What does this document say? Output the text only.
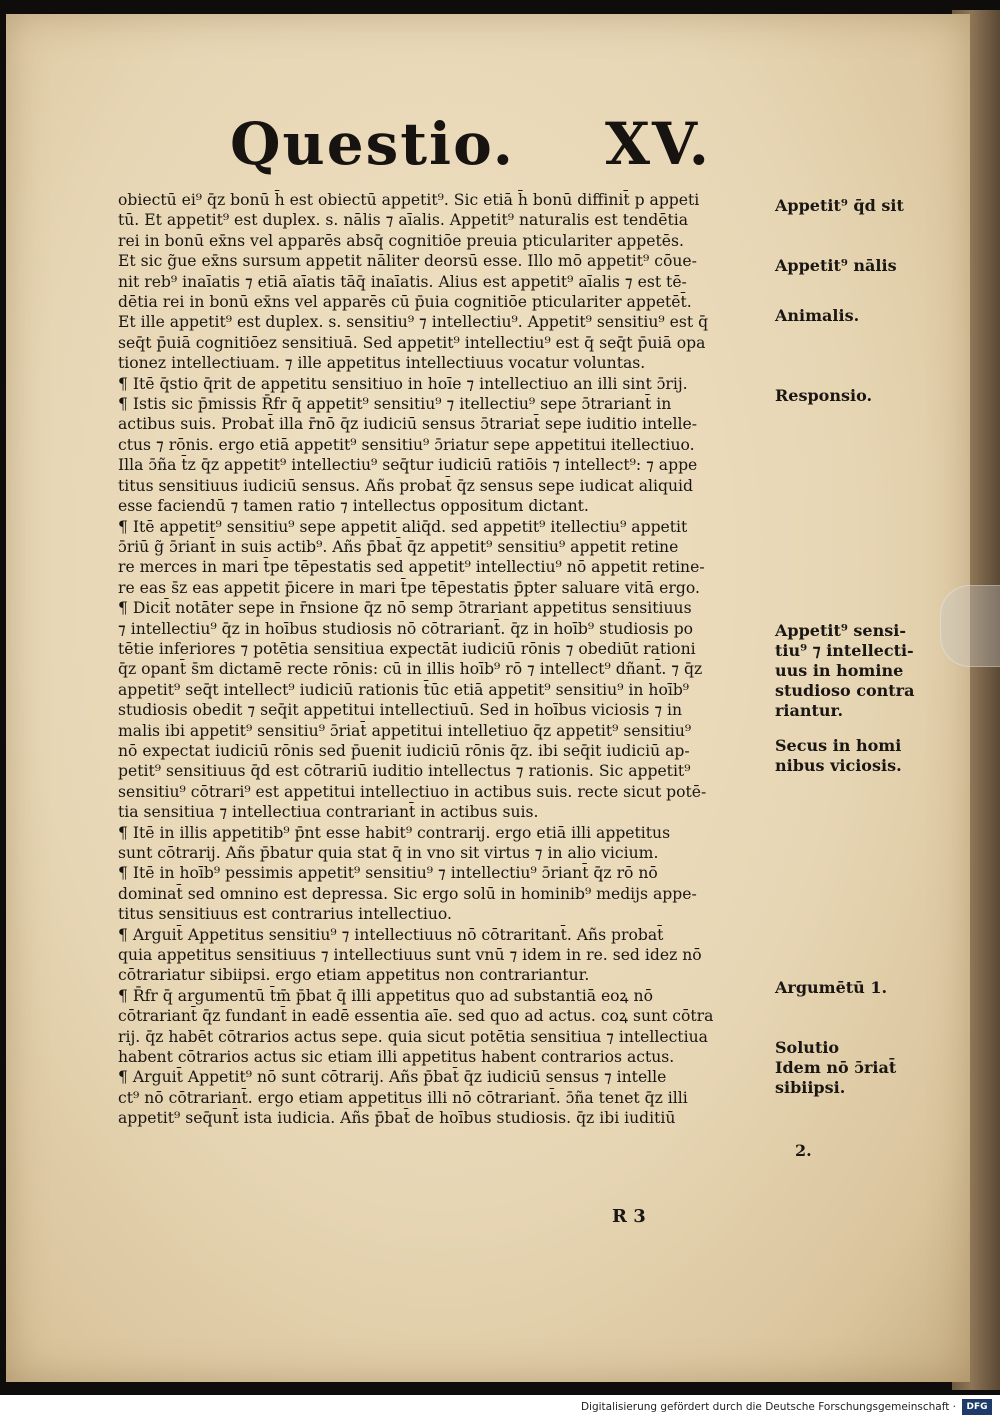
Questio. XV.
obiectū ei⁹ q̄z bonū h̄ est obiectū appetit⁹. Sic etiā h̄ bonū diffinit̄ p appeti
tū. Et appetit⁹ est duplex. s. nālis ⁊ aīalis. Appetit⁹ naturalis est tendētia
rei in bonū ex̄ns vel apparēs absq̄ cognitiōe preuia pticulariter appetēs.
Et sic g̃ue ex̄ns sursum appetit nāliter deorsū esse. Illo mō appetit⁹ cōue-
nit reb⁹ inaīatis ⁊ etiā aīatis tāq̄ inaīatis. Alius est appetit⁹ aīalis ⁊ est tē-
dētia rei in bonū ex̄ns vel apparēs cū p̄uia cognitiōe pticulariter appetēt̄.
Et ille appetit⁹ est duplex. s. sensitiu⁹ ⁊ intellectiu⁹. Appetit⁹ sensitiu⁹ est q̄
seq̄t p̄uiā cognitiōez sensitiuā. Sed appetit⁹ intellectiu⁹ est q̄ seq̄t p̄uiā opa
tionez intellectiuam. ⁊ ille appetitus intellectiuus vocatur voluntas.
¶ Itē q̄stio q̄rit de appetitu sensitiuo in hoīe ⁊ intellectiuo an illi sint ɔ̄rij.
¶ Istis sic p̄missis R̄fr q̄ appetit⁹ sensitiu⁹ ⁊ itellectiu⁹ sepe ɔ̄trariant̄ in
actibus suis. Probat̄ illa r̄nō q̄z iudiciū sensus ɔ̄trariat̄ sepe iuditio intelle-
ctus ⁊ rōnis. ergo etiā appetit⁹ sensitiu⁹ ɔ̄riatur sepe appetitui itellectiuo.
Illa ɔ̄ña t̄z q̄z appetit⁹ intellectiu⁹ seq̄tur iudiciū ratiōis ⁊ intellect⁹: ⁊ appe
titus sensitiuus iudiciū sensus. Añs probat̄ q̄z sensus sepe iudicat aliquid
esse faciendū ⁊ tamen ratio ⁊ intellectus oppositum dictant.
¶ Itē appetit⁹ sensitiu⁹ sepe appetit aliq̄d. sed appetit⁹ itellectiu⁹ appetit
ɔ̄riū g̃ ɔ̄riant̄ in suis actib⁹. Añs p̄bat̄ q̄z appetit⁹ sensitiu⁹ appetit retine
re merces in mari t̄pe tēpestatis sed appetit⁹ intellectiu⁹ nō appetit retine-
re eas s̄z eas appetit p̄icere in mari t̄pe tēpestatis p̄pter saluare vitā ergo.
¶ Dicit̄ notāter sepe in r̄nsione q̄z nō semp ɔ̄trariant appetitus sensitiuus
⁊ intellectiu⁹ q̄z in hoībus studiosis nō cōtrariant̄. q̄z in hoīb⁹ studiosis po
tētie inferiores ⁊ potētia sensitiua expectāt iudiciū rōnis ⁊ obediūt rationi
q̄z opant̄ s̄m dictamē recte rōnis: cū in illis hoīb⁹ rō ⁊ intellect⁹ dñant̄. ⁊ q̄z
appetit⁹ seq̄t intellect⁹ iudiciū rationis t̄ūc etiā appetit⁹ sensitiu⁹ in hoīb⁹
studiosis obedit ⁊ seq̄it appetitui intellectiuū. Sed in hoībus viciosis ⁊ in
malis ibi appetit⁹ sensitiu⁹ ɔ̄riat̄ appetitui intelletiuo q̄z appetit⁹ sensitiu⁹
nō expectat iudiciū rōnis sed p̄uenit iudiciū rōnis q̄z. ibi seq̄it iudiciū ap-
petit⁹ sensitiuus q̄d est cōtrariū iuditio intellectus ⁊ rationis. Sic appetit⁹
sensitiu⁹ cōtrari⁹ est appetitui intellectiuo in actibus suis. recte sicut potē-
tia sensitiua ⁊ intellectiua contrariant̄ in actibus suis.
¶ Itē in illis appetitib⁹ p̄nt esse habit⁹ contrarij. ergo etiā illi appetitus
sunt cōtrarij. Añs p̄batur quia stat q̄ in vno sit virtus ⁊ in alio vicium.
¶ Itē in hoīb⁹ pessimis appetit⁹ sensitiu⁹ ⁊ intellectiu⁹ ɔ̄riant̄ q̄z rō nō
dominat̄ sed omnino est depressa. Sic ergo solū in hominib⁹ medijs appe-
titus sensitiuus est contrarius intellectiuo.
¶ Arguit̄ Appetitus sensitiu⁹ ⁊ intellectiuus nō cōtraritant̄. Añs probat̄
quia appetitus sensitiuus ⁊ intellectiuus sunt vnū ⁊ idem in re. sed idez nō
cōtrariatur sibiipsi. ergo etiam appetitus non contrariantur.
¶ R̄fr q̄ argumentū t̄m̄ p̄bat q̄ illi appetitus quo ad substantiā eoꝝ nō
cōtrariant̄ q̄z fundant̄ in eadē essentia aīe. sed quo ad actus. coꝝ sunt cōtra
rij. q̄z habēt cōtrarios actus sepe. quia sicut potētia sensitiua ⁊ intellectiua
habent cōtrarios actus sic etiam illi appetitus habent contrarios actus.
¶ Arguit̄ Appetit⁹ nō sunt cōtrarij. Añs p̄bat̄ q̄z iudiciū sensus ⁊ intelle
ct⁹ nō cōtrariant̄. ergo etiam appetitus illi nō cōtrariant̄. ɔ̄ña tenet q̄z illi
appetit⁹ seq̄unt̄ ista iudicia. Añs p̄bat̄ de hoībus studiosis. q̄z ibi iuditiū
Appetit⁹ q̄d sit
Appetit⁹ nālis
Animalis.
Responsio.
Appetit⁹ sensi-
tiu⁹ ⁊ intellecti-
uus in homine
studioso contra
riantur.
Secus in homi
nibus viciosis.
Argumētū 1.
Solutio
Idem nō ɔ̄riat̄
sibiipsi.
2.
R 3
Digitalisierung gefördert durch die Deutsche Forschungsgemeinschaft ·	DFG
